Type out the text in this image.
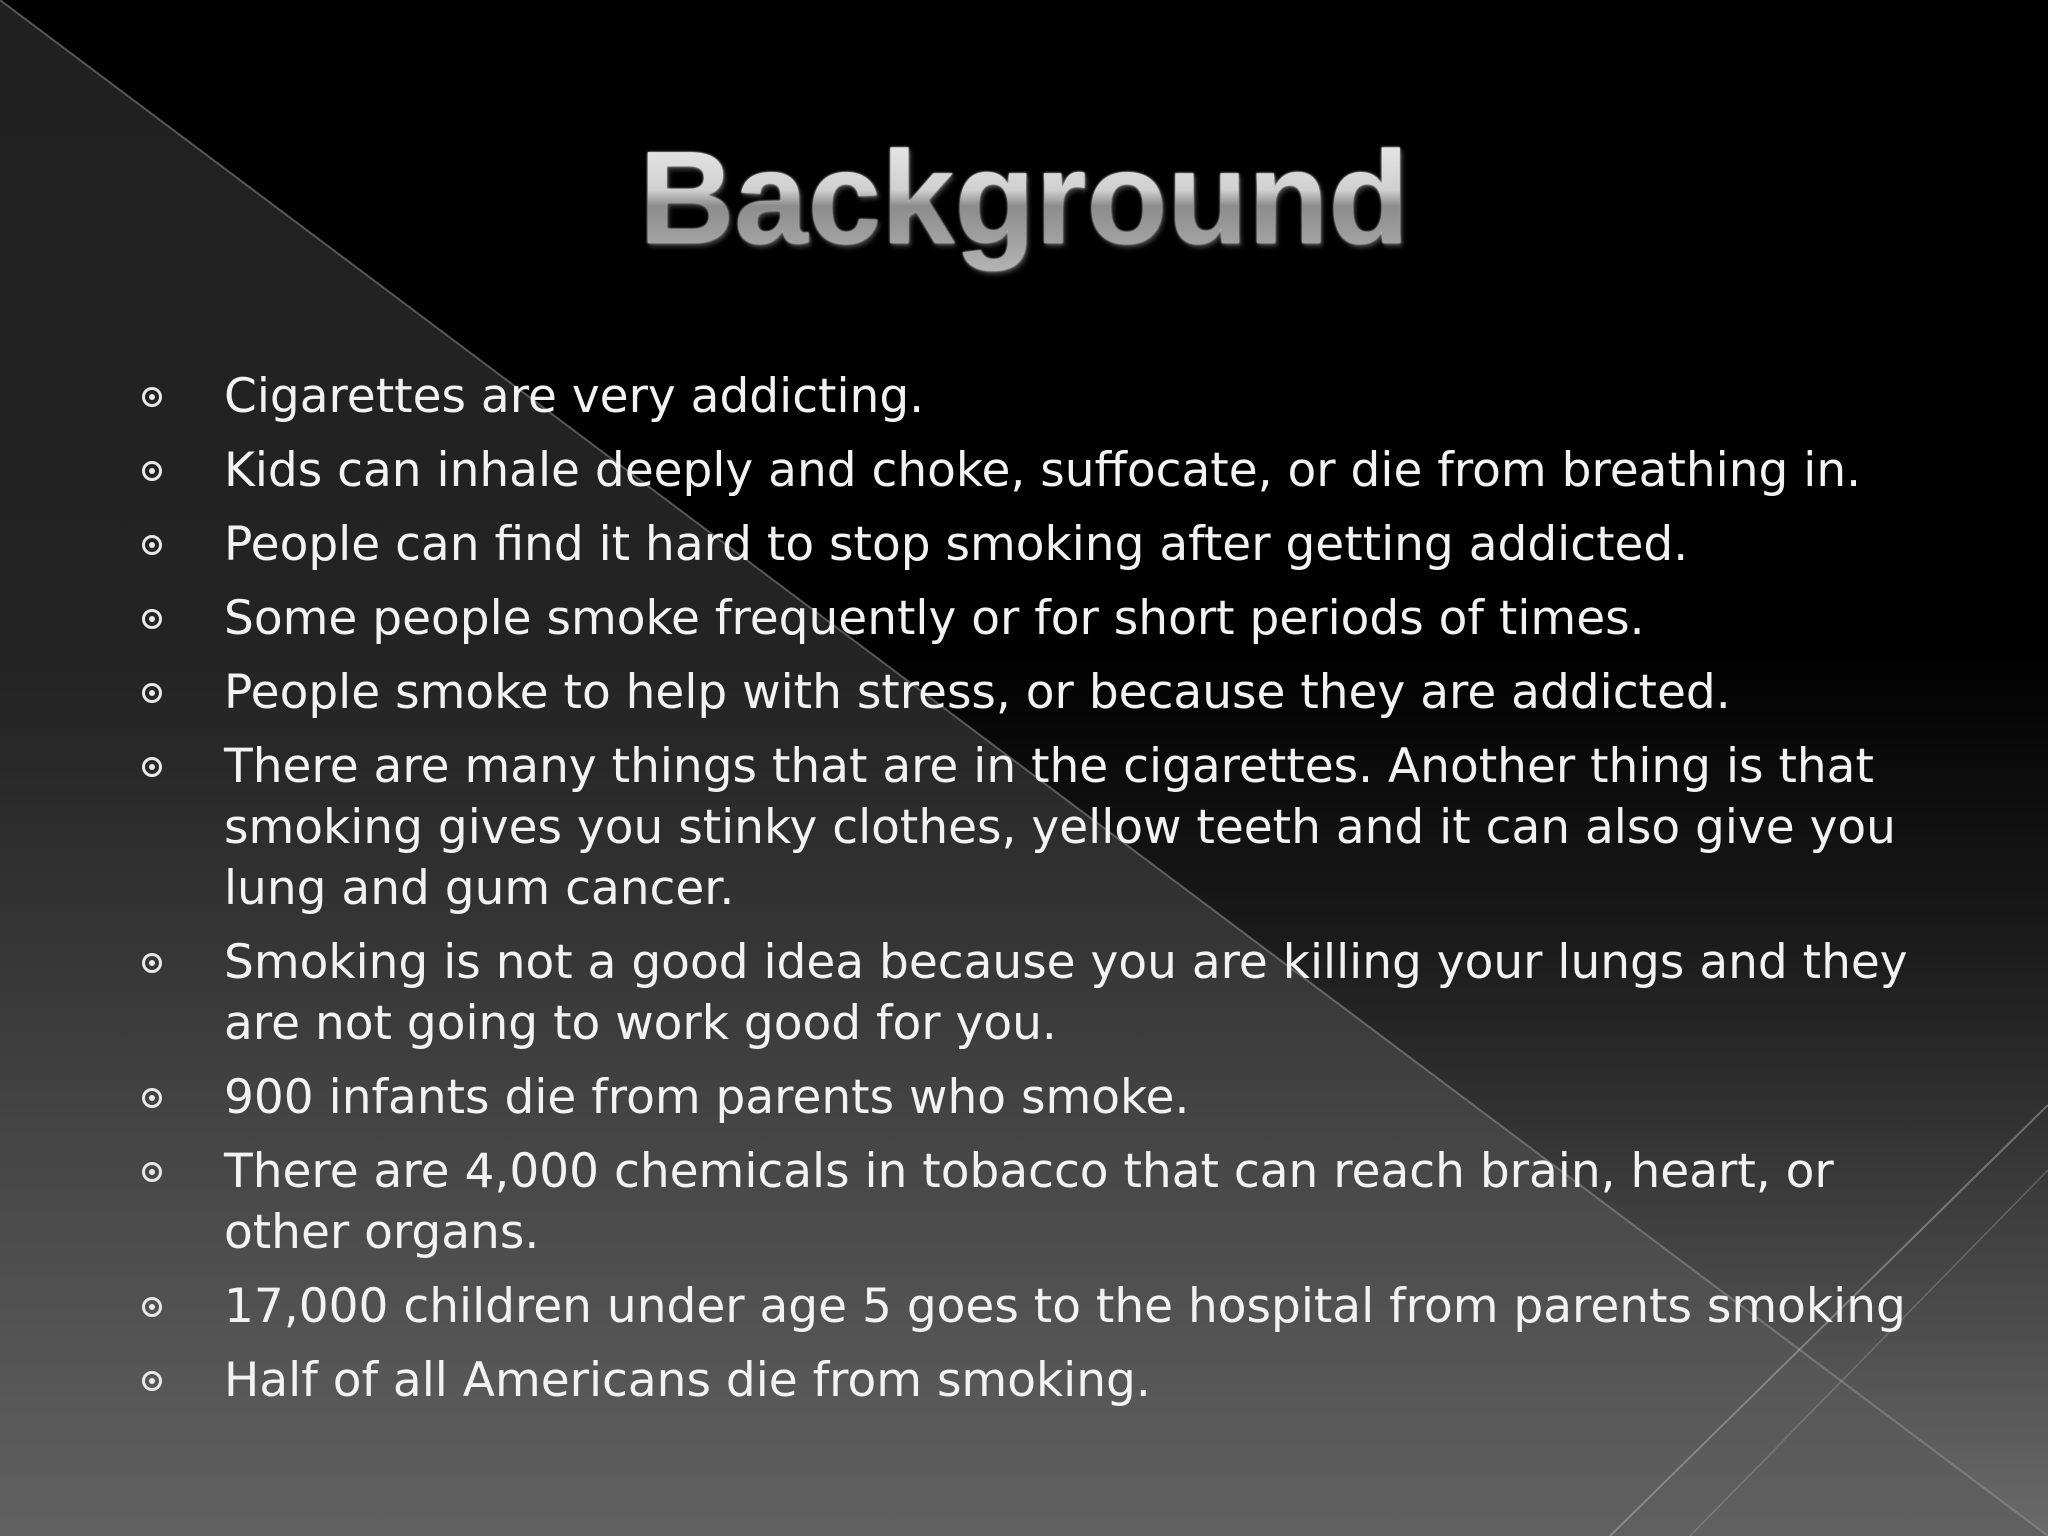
Background
Cigarettes are very addicting.
Kids can inhale deeply and choke, suffocate, or die from breathing in.
People can find it hard to stop smoking after getting addicted.
Some people smoke frequently or for short periods of times.
People smoke to help with stress, or because they are addicted.
There are many things that are in the cigarettes. Another thing is that smoking gives you stinky clothes, yellow teeth and it can also give you lung and gum cancer.
Smoking is not a good idea because you are killing your lungs and they are not going to work good for you.
900 infants die from parents who smoke.
There are 4,000 chemicals in tobacco that can reach brain, heart, or other organs.
17,000 children under age 5 goes to the hospital from parents smoking
Half of all Americans die from smoking.
